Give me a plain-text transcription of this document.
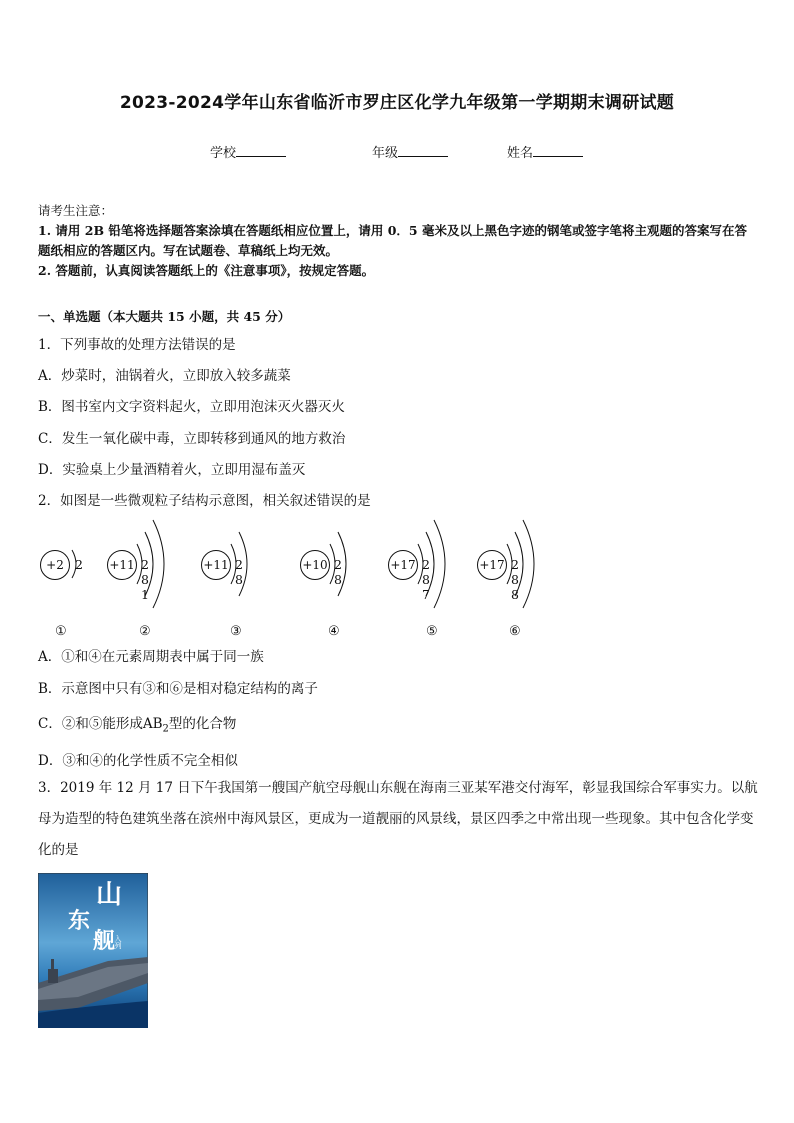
2023-2024学年山东省临沂市罗庄区化学九年级第一学期期末调研试题
学校	年级	姓名
请考生注意：
1. 请用 2B 铅笔将选择题答案涂填在答题纸相应位置上，请用 0．5 毫米及以上黑色字迹的钢笔或签字笔将主观题的答案写在答题纸相应的答题区内。写在试题卷、草稿纸上均无效。
2. 答题前，认真阅读答题纸上的《注意事项》，按规定答题。
一、单选题（本大题共 15 小题，共 45 分）
1．下列事故的处理方法错误的是
A．炒菜时，油锅着火，立即放入较多蔬菜
B．图书室内文字资料起火，立即用泡沫灭火器灭火
C．发生一氧化碳中毒，立即转移到通风的地方救治
D．实验桌上少量酒精着火，立即用湿布盖灭
2．如图是一些微观粒子结构示意图，相关叙述错误的是
+2 2 +11 2 8 1
+11 2 8
+10 2 8
+17 2 8 7
+17 2 8 8
①	②	③	④	⑤	⑥
A．①和④在元素周期表中属于同一族
B．示意图中只有③和⑥是相对稳定结构的离子
C．②和⑤能形成$AB_2$型的化合物
D．③和④的化学性质不完全相似
3．2019 年 12 月 17 日下午我国第一艘国产航空母舰山东舰在海南三亚某军港交付海军，彰显我国综合军事实力。以航母为造型的特色建筑坐落在滨州中海风景区，更成为一道靓丽的风景线，景区四季之中常出现一些现象。其中包含化学变化的是
山
东
舰
入列
